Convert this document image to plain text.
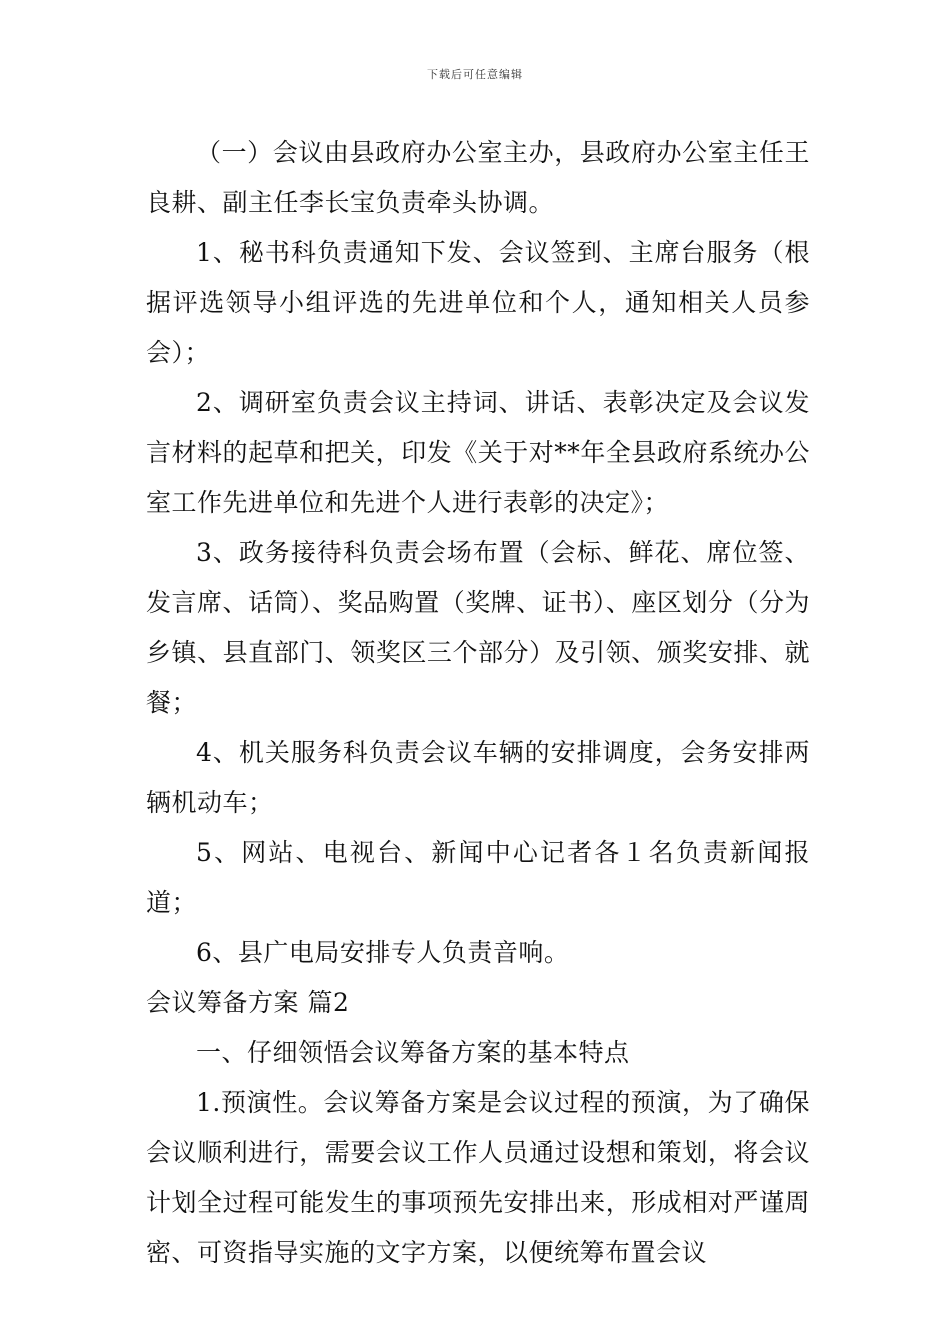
下载后可任意编辑

（一）会议由县政府办公室主办，县政府办公室主任王良耕、副主任李长宝负责牵头协调。

1、秘书科负责通知下发、会议签到、主席台服务（根据评选领导小组评选的先进单位和个人，通知相关人员参会）；

2、调研室负责会议主持词、讲话、表彰决定及会议发言材料的起草和把关，印发《关于对**年全县政府系统办公室工作先进单位和先进个人进行表彰的决定》；

3、政务接待科负责会场布置（会标、鲜花、席位签、发言席、话筒）、奖品购置（奖牌、证书）、座区划分（分为乡镇、县直部门、领奖区三个部分）及引领、颁奖安排、就餐；

4、机关服务科负责会议车辆的安排调度，会务安排两辆机动车；

5、网站、电视台、新闻中心记者各１名负责新闻报道；

6、县广电局安排专人负责音响。

会议筹备方案 篇2

一、仔细领悟会议筹备方案的基本特点

1.预演性。会议筹备方案是会议过程的预演，为了确保会议顺利进行，需要会议工作人员通过设想和策划，将会议计划全过程可能发生的事项预先安排出来，形成相对严谨周密、可资指导实施的文字方案，以便统筹布置会议
